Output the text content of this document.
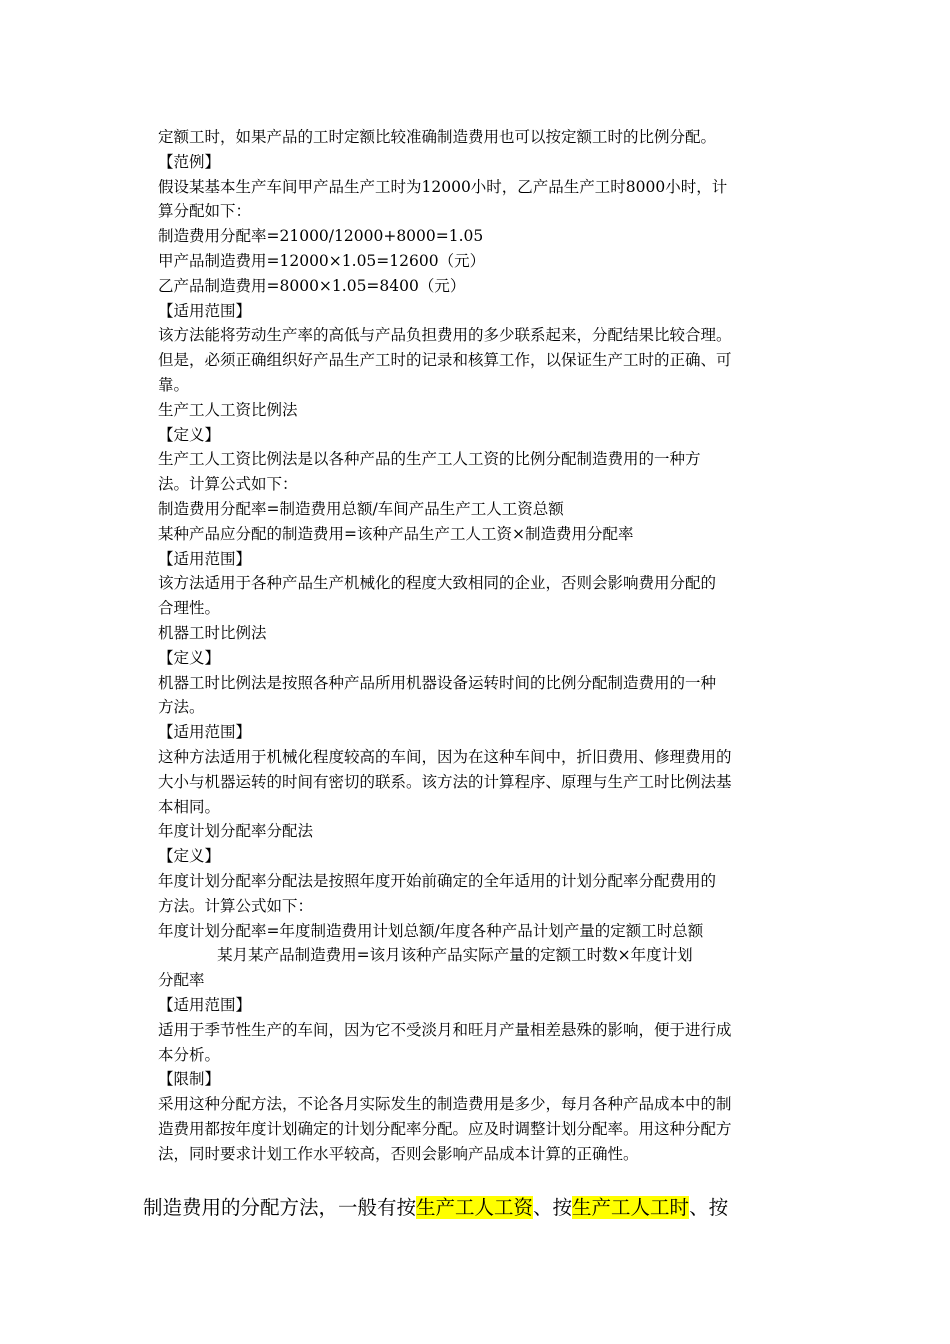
定额工时，如果产品的工时定额比较准确制造费用也可以按定额工时的比例分配。
【范例】
假设某基本生产车间甲产品生产工时为12000小时，乙产品生产工时8000小时，计
算分配如下：
制造费用分配率=21000/12000+8000=1.05
甲产品制造费用=12000×1.05=12600（元）
乙产品制造费用=8000×1.05=8400（元）
【适用范围】
该方法能将劳动生产率的高低与产品负担费用的多少联系起来，分配结果比较合理。
但是，必须正确组织好产品生产工时的记录和核算工作，以保证生产工时的正确、可
靠。
生产工人工资比例法
【定义】
生产工人工资比例法是以各种产品的生产工人工资的比例分配制造费用的一种方
法。计算公式如下：
制造费用分配率=制造费用总额/车间产品生产工人工资总额
某种产品应分配的制造费用=该种产品生产工人工资×制造费用分配率
【适用范围】
该方法适用于各种产品生产机械化的程度大致相同的企业，否则会影响费用分配的
合理性。
机器工时比例法
【定义】
机器工时比例法是按照各种产品所用机器设备运转时间的比例分配制造费用的一种
方法。
【适用范围】
这种方法适用于机械化程度较高的车间，因为在这种车间中，折旧费用、修理费用的
大小与机器运转的时间有密切的联系。该方法的计算程序、原理与生产工时比例法基
本相同。
年度计划分配率分配法
【定义】
年度计划分配率分配法是按照年度开始前确定的全年适用的计划分配率分配费用的
方法。计算公式如下：
年度计划分配率=年度制造费用计划总额/年度各种产品计划产量的定额工时总额
某月某产品制造费用=该月该种产品实际产量的定额工时数×年度计划
分配率
【适用范围】
适用于季节性生产的车间，因为它不受淡月和旺月产量相差悬殊的影响，便于进行成
本分析。
【限制】
采用这种分配方法，不论各月实际发生的制造费用是多少，每月各种产品成本中的制
造费用都按年度计划确定的计划分配率分配。应及时调整计划分配率。用这种分配方
法，同时要求计划工作水平较高，否则会影响产品成本计算的正确性。
制造费用的分配方法，一般有按生产工人工资、按生产工人工时、按
